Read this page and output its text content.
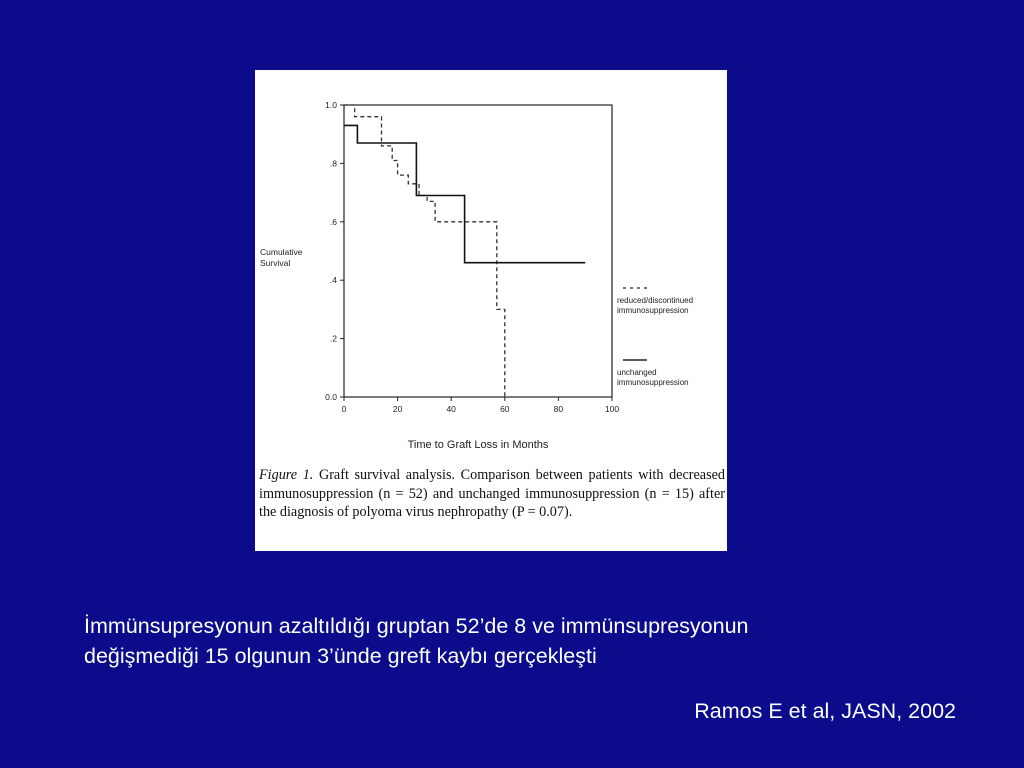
0.0
.2
.4
.6
.8
1.0
0	20	40	60	80	100
Time to Graft Loss in Months
Cumulative
Survival
reduced/discontinued
immunosuppression
unchanged
immunosuppression

Figure 1. Graft survival analysis. Comparison between patients with decreased immunosuppression (n = 52) and unchanged immunosuppression (n = 15) after the diagnosis of polyoma virus nephropathy (P = 0.07).

İmmünsupresyonun azaltıldığı gruptan 52’de 8 ve immünsupresyonun
değişmediği 15 olgunun 3’ünde greft kaybı gerçekleşti

Ramos E et al, JASN, 2002
